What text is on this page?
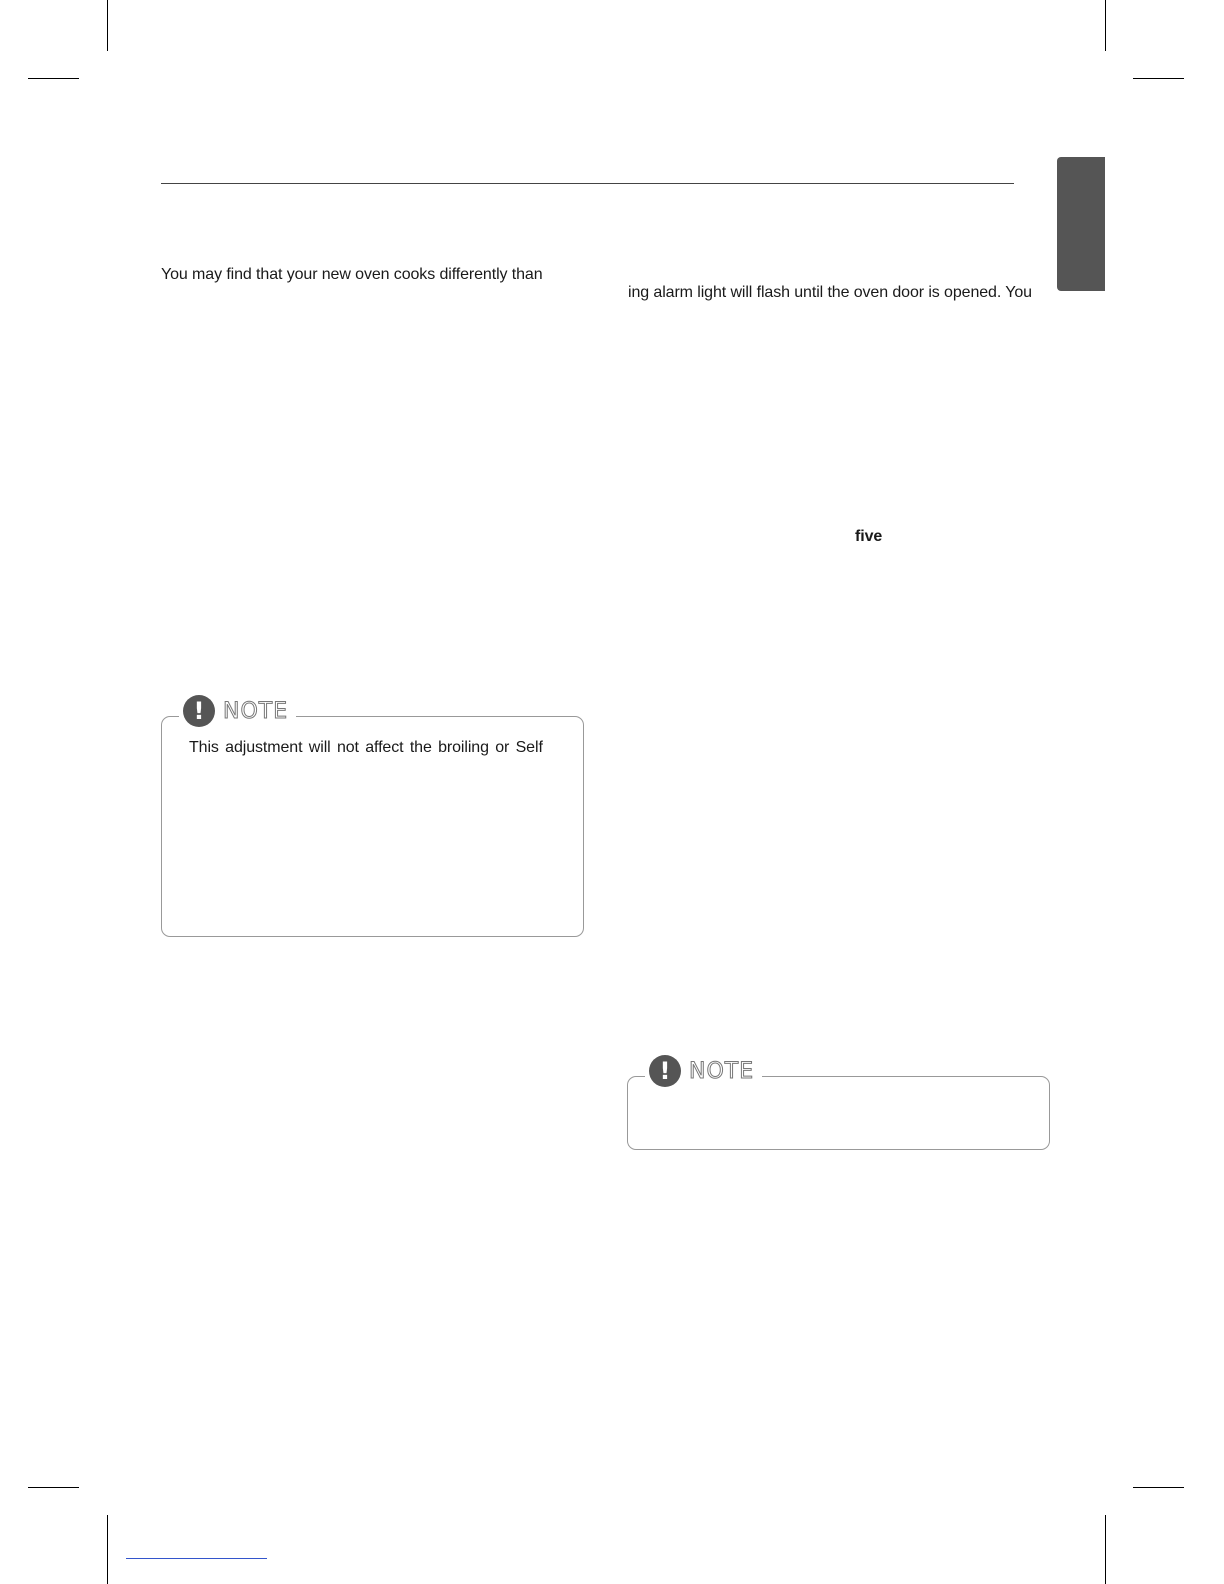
You may find that your new oven cooks differently than
This adjustment will not affect the broiling or Self
! NOTE
ing alarm light will flash until the oven door is opened. You
five
! NOTE
